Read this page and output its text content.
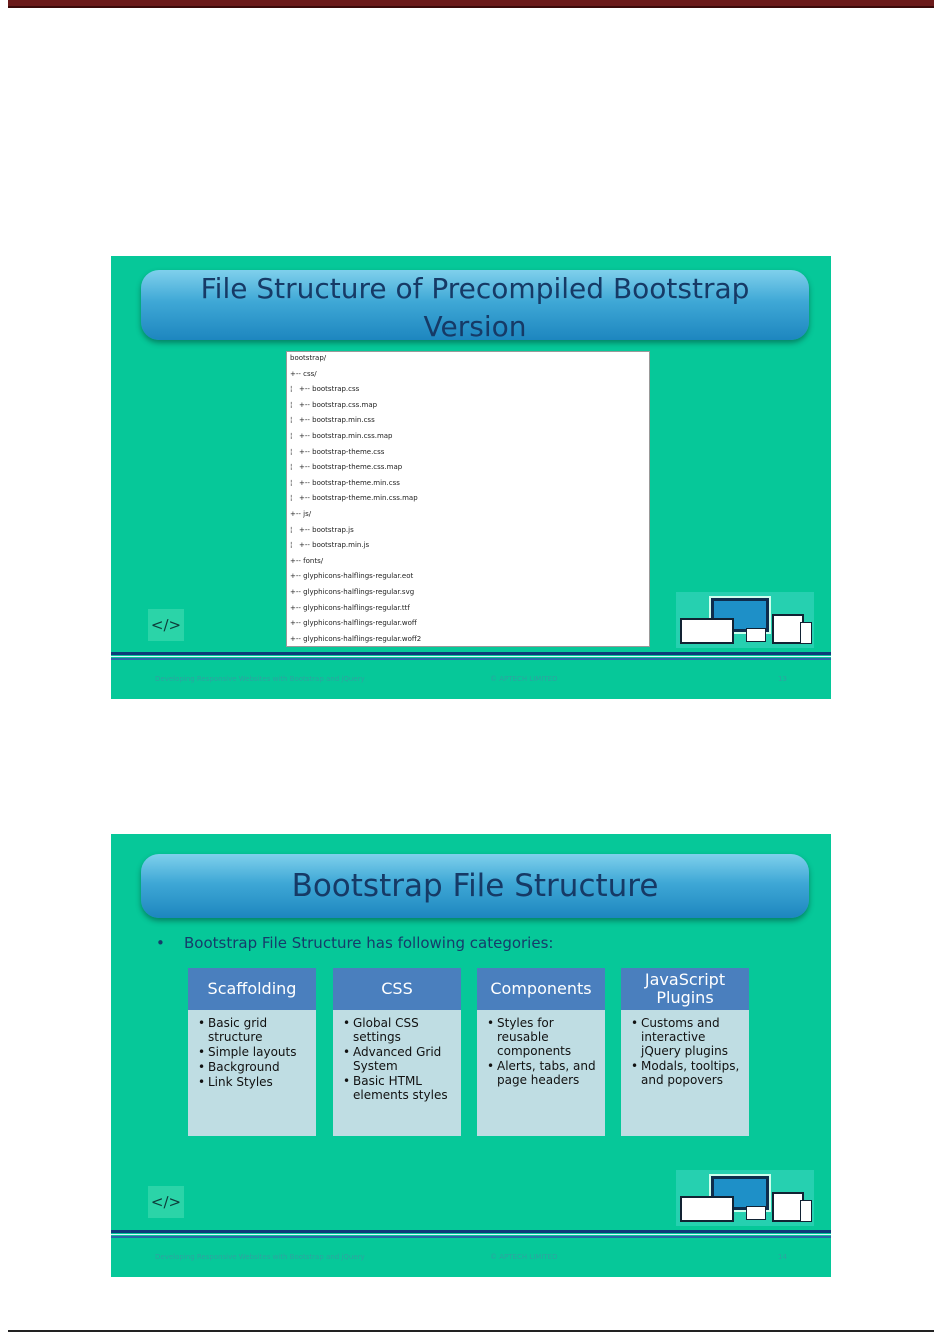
File Structure of Precompiled Bootstrap
Version
bootstrap/
+-- css/
¦   +-- bootstrap.css
¦   +-- bootstrap.css.map
¦   +-- bootstrap.min.css
¦   +-- bootstrap.min.css.map
¦   +-- bootstrap-theme.css
¦   +-- bootstrap-theme.css.map
¦   +-- bootstrap-theme.min.css
¦   +-- bootstrap-theme.min.css.map
+-- js/
¦   +-- bootstrap.js
¦   +-- bootstrap.min.js
+-- fonts/
+-- glyphicons-halflings-regular.eot
+-- glyphicons-halflings-regular.svg
+-- glyphicons-halflings-regular.ttf
+-- glyphicons-halflings-regular.woff
+-- glyphicons-halflings-regular.woff2
<∕>
Developing Responsive Websites with Bootstrap and jQuery	© APTECH LIMITED	13
Bootstrap File Structure
• Bootstrap File Structure has following categories:
Scaffolding
• Basic grid structure
• Simple layouts
• Background
• Link Styles
CSS
• Global CSS settings
• Advanced Grid System
• Basic HTML elements styles
Components
• Styles for reusable components
• Alerts, tabs, and page headers
JavaScript Plugins
• Customs and interactive jQuery plugins
• Modals, tooltips, and popovers
<∕>
Developing Responsive Websites with Bootstrap and jQuery	© APTECH LIMITED	14
